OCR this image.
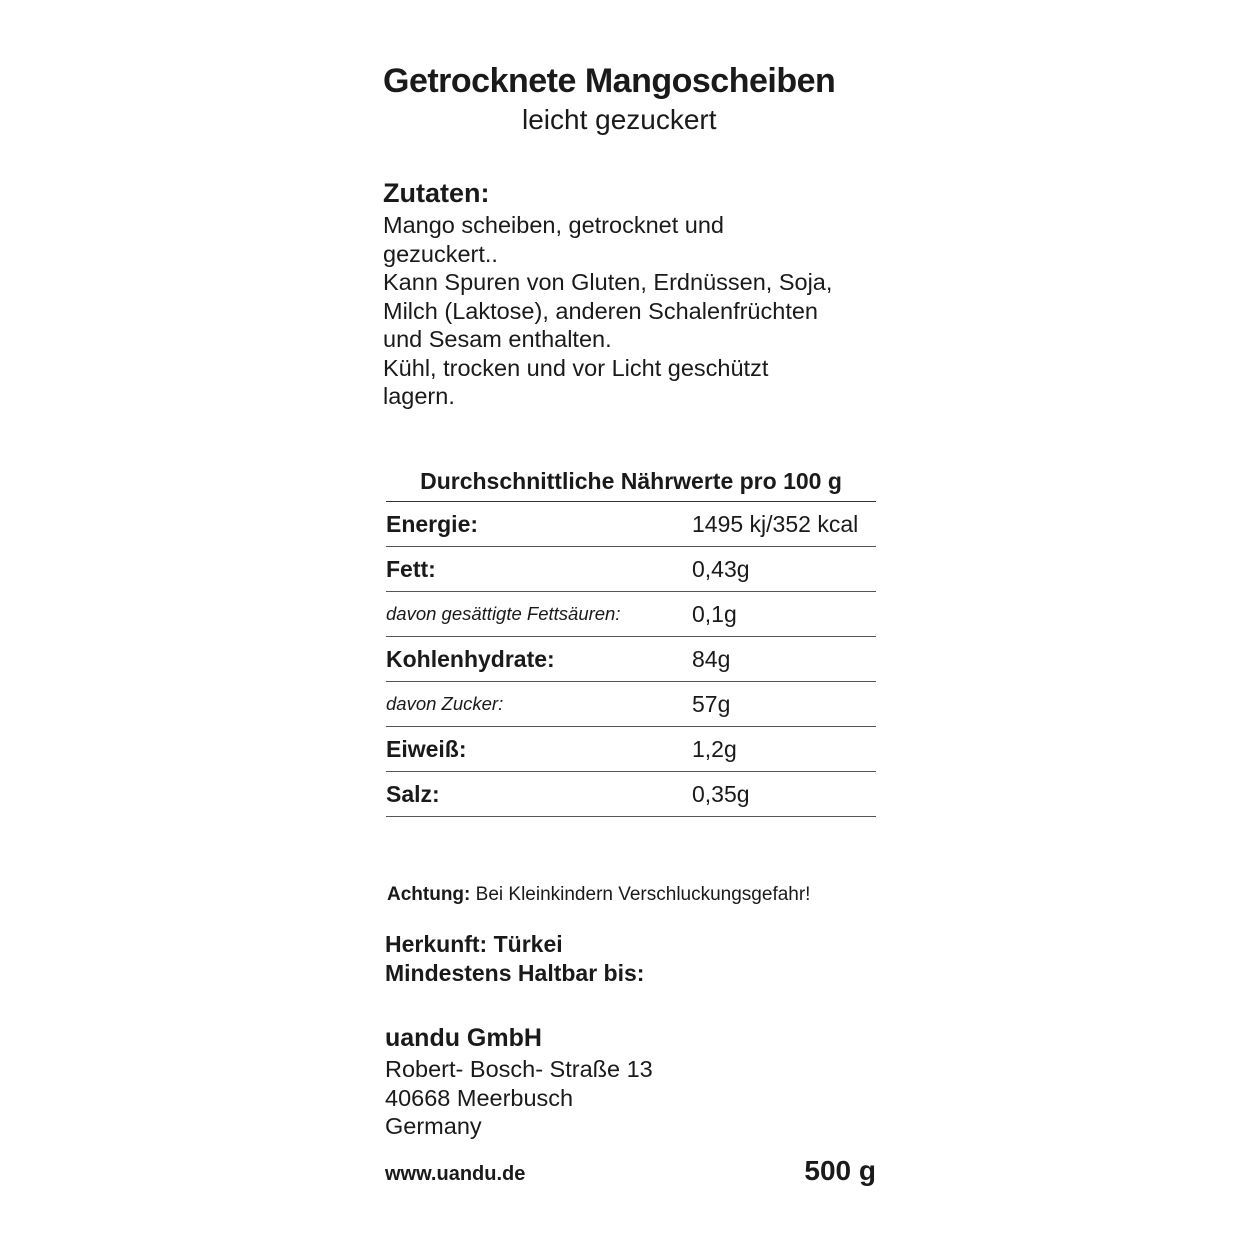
Getrocknete Mangoscheiben
leicht gezuckert
Zutaten:
Mango scheiben, getrocknet und
gezuckert..
Kann Spuren von Gluten, Erdnüssen, Soja,
Milch (Laktose), anderen Schalenfrüchten
und Sesam enthalten.
Kühl, trocken und vor Licht geschützt
lagern.
Durchschnittliche Nährwerte pro 100 g
Energie:	1495 kj/352 kcal
Fett:	0,43g
davon gesättigte Fettsäuren:	0,1g
Kohlenhydrate:	84g
davon Zucker:	57g
Eiweiß:	1,2g
Salz:	0,35g
Achtung: Bei Kleinkindern Verschluckungsgefahr!
Herkunft: Türkei
Mindestens Haltbar bis:
uandu GmbH
Robert- Bosch- Straße 13
40668 Meerbusch
Germany
www.uandu.de	500 g
